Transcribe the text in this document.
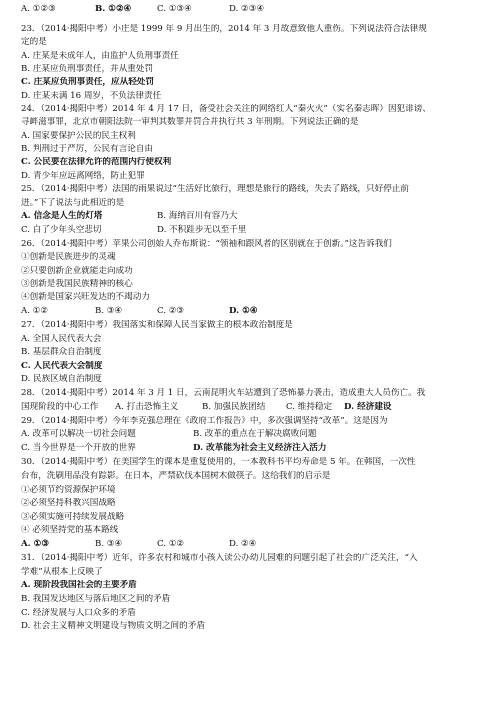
A. ①②③	B. ①②④	C. ①③④	D. ②③④
23．（2014·揭阳中考）小庄是 1999 年 9 月出生的，2014 年 3 月故意致他人重伤。下列说法符合法律规
定的是
A. 庄某是未成年人，由监护人负刑事责任
B. 庄某应负刑事责任，并从重处罚
C. 庄某应负刑事责任，应从轻处罚
D. 庄某未满 16 周岁，不负法律责任
24．（2014·揭阳中考）2014 年 4 月 17 日，备受社会关注的网络红人“秦火火”（实名秦志晖）因犯诽谤、
寻衅滋事罪，北京市朝阳法院一审判其数罪并罚合并执行共 3 年刑期。下列说法正确的是
A. 国家要保护公民的民主权利
B. 判刑过于严厉，公民有言论自由
C. 公民要在法律允许的范围内行使权利
D. 青少年应远离网络，防止犯罪
25．（2014·揭阳中考）法国的雨果说过“生活好比旅行，理想是旅行的路线，失去了路线，只好停止前
进。”下了说法与此相近的是
A. 信念是人生的灯塔	B. 海纳百川有容乃大
C. 白了少年头空悲切	D. 不积跬步无以至千里
26．（2014·揭阳中考）苹果公司创始人乔布斯说：“领袖和跟风者的区别就在于创新。”这告诉我们
①创新是民族进步的灵魂
②只要创新企业就能走向成功
③创新是我国民族精神的核心
④创新是国家兴旺发达的不竭动力
A. ①②	B. ③④	C. ②③	D. ①④
27．（2014·揭阳中考）我国落实和保障人民当家做主的根本政治制度是
A. 全国人民代表大会
B. 基层群众自治制度
C. 人民代表大会制度
D. 民族区域自治制度
28．（2014·揭阳中考）2014 年 3 月 1 日，云南昆明火车站遭到了恐怖暴力袭击，造成重大人员伤亡。我
国现阶段的中心工作 A. 打击恐怖主义	B. 加强民族团结 C. 维持稳定 D. 经济建设
29．（2014·揭阳中考）今年李克强总理在《政府工作报告》中，多次强调坚持“改革”。这是因为
A. 改革可以解决一切社会问题	B. 改革的重点在于解决腐败问题
C. 当今世界是一个开放的世界	D. 改革能为社会主义经济注入活力
30．（2014·揭阳中考）在美国学生的课本是重复使用的，一本教科书平均寿命是 5 年。在韩国，一次性
台布，洗刷用品没有踪影。在日本，严禁砍伐本国树木做筷子。这给我们的启示是
①必须节约资源保护环境
②必须坚持科教兴国战略
③必须实施可持续发展战略
④ 必须坚持党的基本路线
A. ①③	B. ③④	C. ①②	D. ②④
31．（2014·揭阳中考）近年，许多农村和城市小孩入读公办幼儿园难的问题引起了社会的广泛关注，“入
学难”从根本上反映了
A. 现阶段我国社会的主要矛盾
B. 我国发达地区与落后地区之间的矛盾
C. 经济发展与人口众多的矛盾
D. 社会主义精神文明建设与物质文明之间的矛盾
